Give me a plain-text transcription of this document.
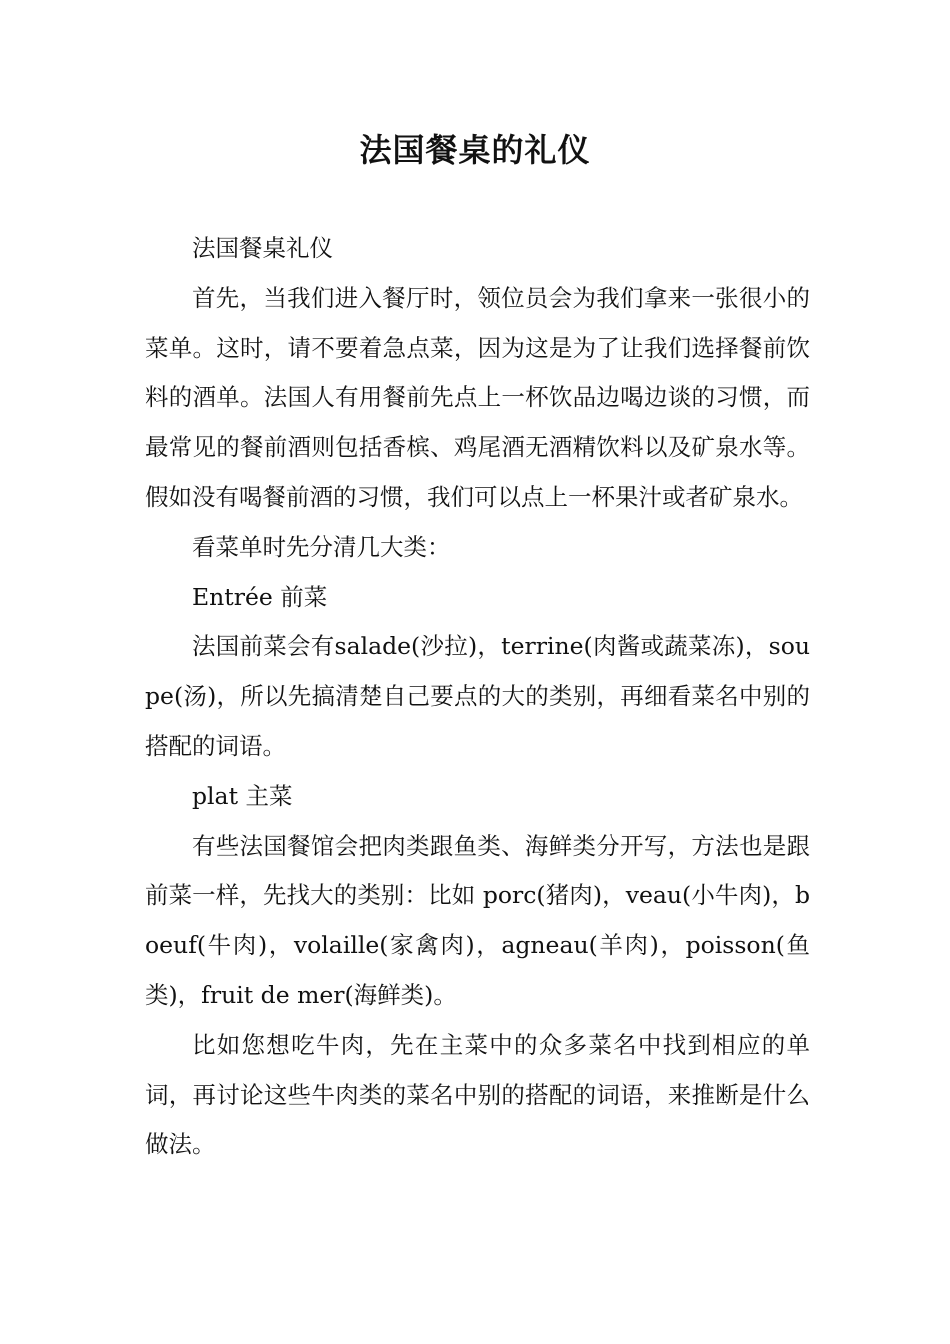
法国餐桌的礼仪

法国餐桌礼仪

首先，当我们进入餐厅时，领位员会为我们拿来一张很小的菜单。这时，请不要着急点菜，因为这是为了让我们选择餐前饮料的酒单。法国人有用餐前先点上一杯饮品边喝边谈的习惯，而最常见的餐前酒则包括香槟、鸡尾酒无酒精饮料以及矿泉水等。假如没有喝餐前酒的习惯，我们可以点上一杯果汁或者矿泉水。

看菜单时先分清几大类：

Entrée 前菜

法国前菜会有salade(沙拉)，terrine(肉酱或蔬菜冻)，soupe(汤)，所以先搞清楚自己要点的大的类别，再细看菜名中别的搭配的词语。

plat 主菜

有些法国餐馆会把肉类跟鱼类、海鲜类分开写，方法也是跟前菜一样，先找大的类别：比如 porc(猪肉)，veau(小牛肉)，boeuf(牛肉)，volaille(家禽肉)，agneau(羊肉)，poisson(鱼类)，fruit de mer(海鲜类)。

比如您想吃牛肉，先在主菜中的众多菜名中找到相应的单词，再讨论这些牛肉类的菜名中别的搭配的词语，来推断是什么做法。
